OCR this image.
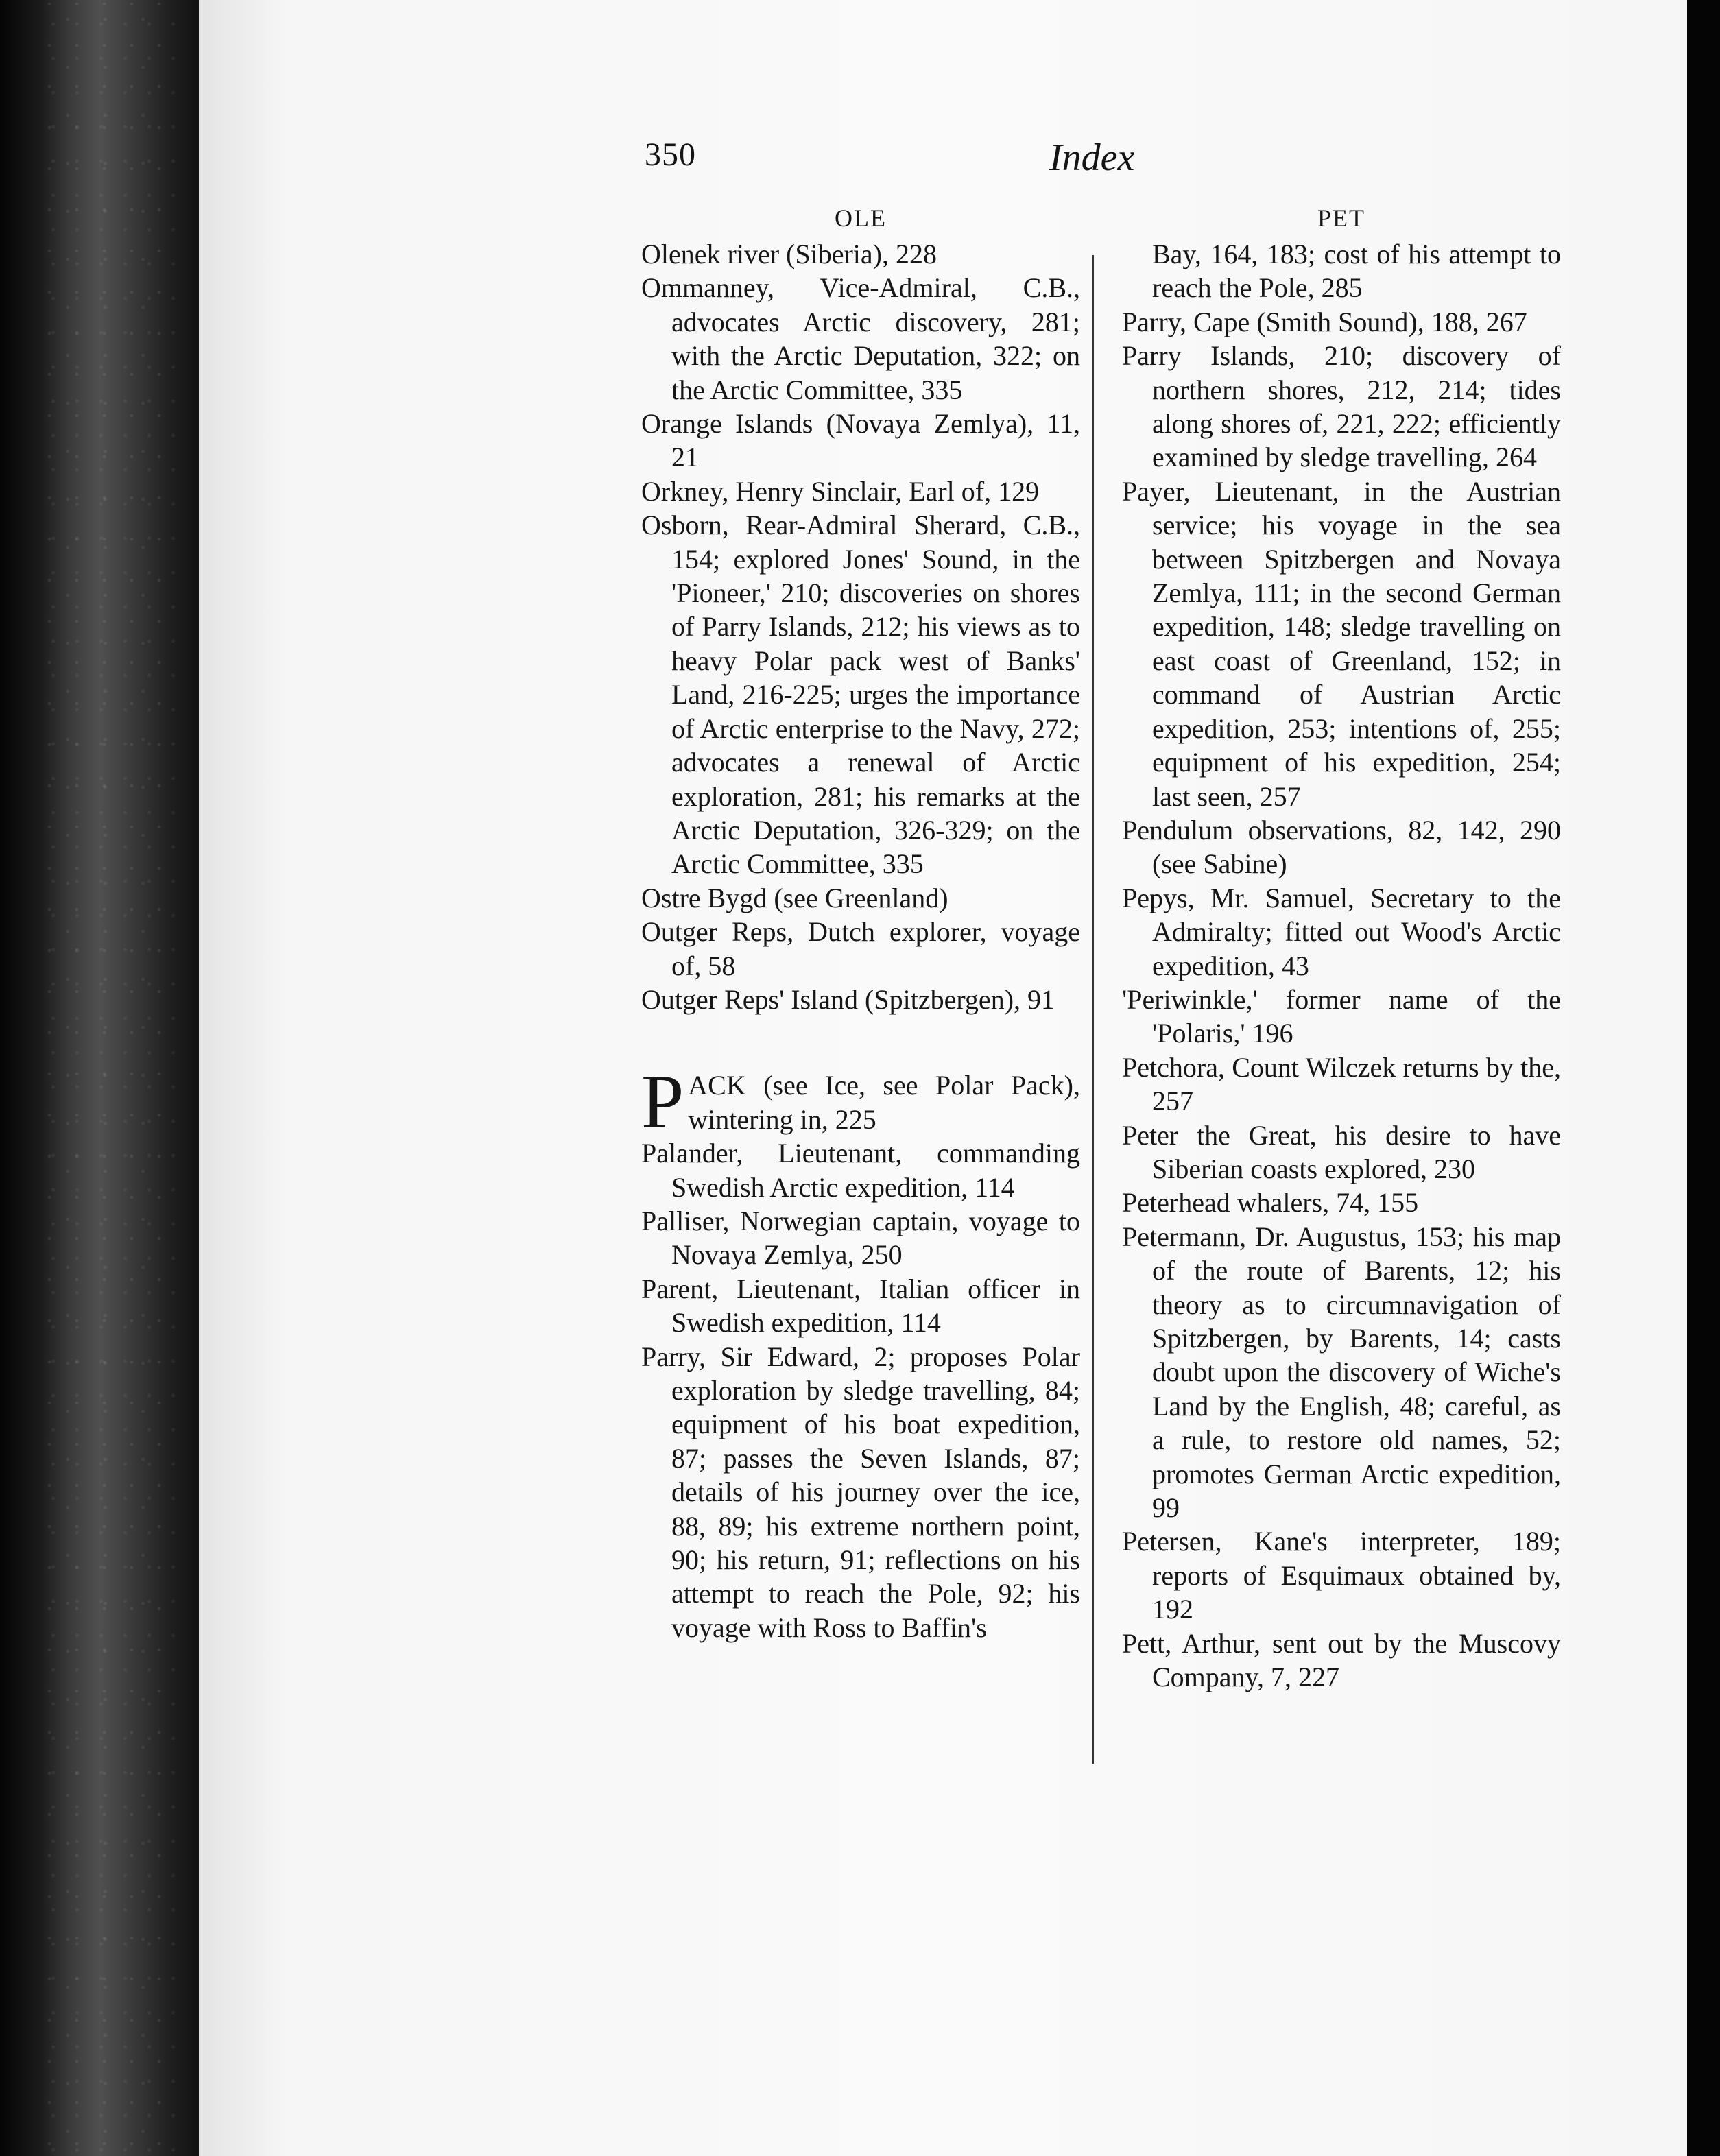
350	Index
OLE

Olenek river (Siberia), 228

Ommanney, Vice-Admiral, C.B., advocates Arctic discovery, 281; with the Arctic Deputation, 322; on the Arctic Committee, 335

Orange Islands (Novaya Zemlya), 11, 21

Orkney, Henry Sinclair, Earl of, 129

Osborn, Rear-Admiral Sherard, C.B., 154; explored Jones' Sound, in the 'Pioneer,' 210; discoveries on shores of Parry Islands, 212; his views as to heavy Polar pack west of Banks' Land, 216-225; urges the importance of Arctic enterprise to the Navy, 272; advocates a renewal of Arctic exploration, 281; his remarks at the Arctic Deputation, 326-329; on the Arctic Committee, 335

Ostre Bygd (see Greenland)

Outger Reps, Dutch explorer, voyage of, 58

Outger Reps' Island (Spitzbergen), 91

P ACK (see Ice, see Polar Pack), wintering in, 225

Palander, Lieutenant, commanding Swedish Arctic expedition, 114

Palliser, Norwegian captain, voyage to Novaya Zemlya, 250

Parent, Lieutenant, Italian officer in Swedish expedition, 114

Parry, Sir Edward, 2; proposes Polar exploration by sledge travelling, 84; equipment of his boat expedition, 87; passes the Seven Islands, 87; details of his journey over the ice, 88, 89; his extreme northern point, 90; his return, 91; reflections on his attempt to reach the Pole, 92; his voyage with Ross to Baffin's

PET

Bay, 164, 183; cost of his attempt to reach the Pole, 285

Parry, Cape (Smith Sound), 188, 267

Parry Islands, 210; discovery of northern shores, 212, 214; tides along shores of, 221, 222; efficiently examined by sledge travelling, 264

Payer, Lieutenant, in the Austrian service; his voyage in the sea between Spitzbergen and Novaya Zemlya, 111; in the second German expedition, 148; sledge travelling on east coast of Greenland, 152; in command of Austrian Arctic expedition, 253; intentions of, 255; equipment of his expedition, 254; last seen, 257

Pendulum observations, 82, 142, 290 (see Sabine)

Pepys, Mr. Samuel, Secretary to the Admiralty; fitted out Wood's Arctic expedition, 43

'Periwinkle,' former name of the 'Polaris,' 196

Petchora, Count Wilczek returns by the, 257

Peter the Great, his desire to have Siberian coasts explored, 230

Peterhead whalers, 74, 155

Petermann, Dr. Augustus, 153; his map of the route of Barents, 12; his theory as to circumnavigation of Spitzbergen, by Barents, 14; casts doubt upon the discovery of Wiche's Land by the English, 48; careful, as a rule, to restore old names, 52; promotes German Arctic expedition, 99

Petersen, Kane's interpreter, 189; reports of Esquimaux obtained by, 192

Pett, Arthur, sent out by the Muscovy Company, 7, 227
